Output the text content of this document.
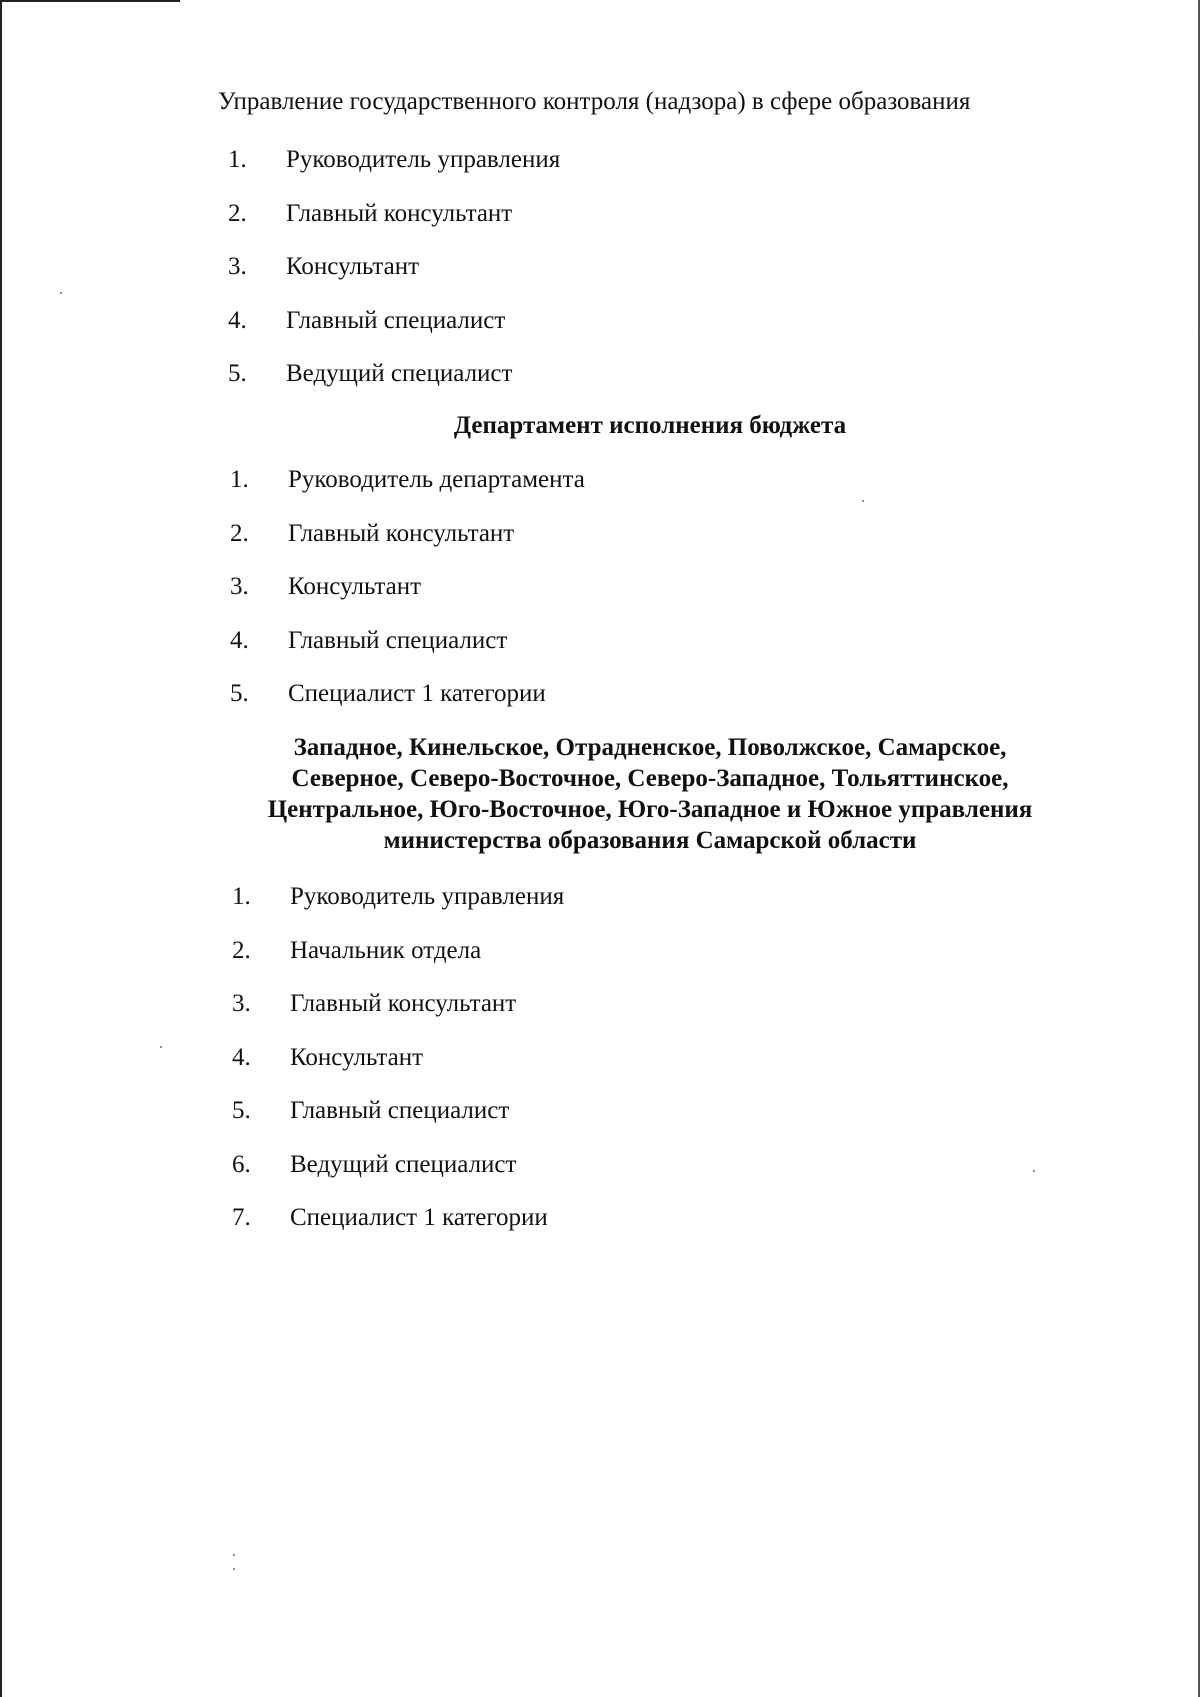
Управление государственного контроля (надзора) в сфере образования
1. Руководитель управления
2. Главный консультант
3. Консультант
4. Главный специалист
5. Ведущий специалист
Департамент исполнения бюджета
1. Руководитель департамента
2. Главный консультант
3. Консультант
4. Главный специалист
5. Специалист 1 категории
Западное, Кинельское, Отрадненское, Поволжское, Самарское,
Северное, Северо-Восточное, Северо-Западное, Тольяттинское,
Центральное, Юго-Восточное, Юго-Западное и Южное управления
министерства образования Самарской области
1. Руководитель управления
2. Начальник отдела
3. Главный консультант
4. Консультант
5. Главный специалист
6. Ведущий специалист
7. Специалист 1 категории
